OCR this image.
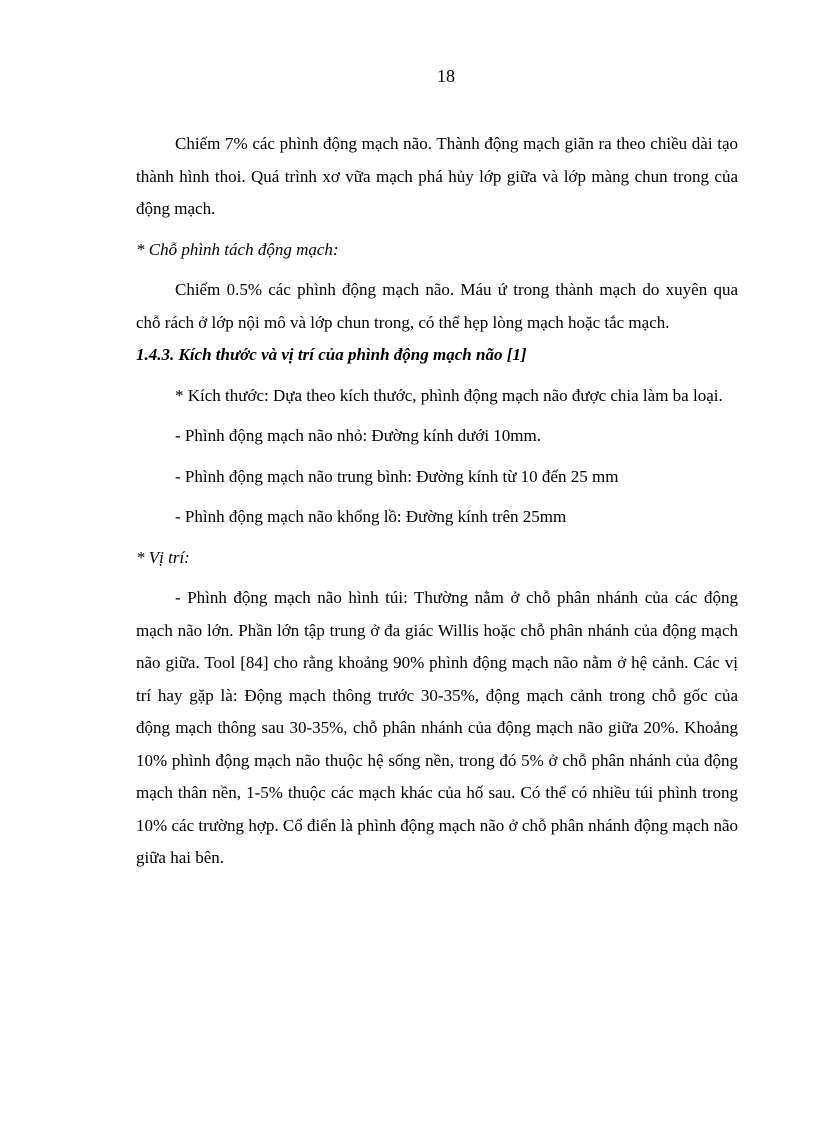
18

Chiếm 7% các phình động mạch não. Thành động mạch giãn ra theo chiều dài tạo thành hình thoi. Quá trình xơ vữa mạch phá hủy lớp giữa và lớp màng chun trong của động mạch.

* Chỗ phình tách động mạch:

Chiếm 0.5% các phình động mạch não. Máu ứ trong thành mạch do xuyên qua chỗ rách ở lớp nội mô và lớp chun trong, có thể hẹp lòng mạch hoặc tắc mạch.

1.4.3. Kích thước và vị trí của phình động mạch não [1]

* Kích thước: Dựa theo kích thước, phình động mạch não được chia làm ba loại.

- Phình động mạch não nhỏ: Đường kính dưới 10mm.

- Phình động mạch não trung bình: Đường kính từ 10 đến 25 mm

- Phình động mạch não khổng lồ: Đường kính trên 25mm

* Vị trí:

- Phình động mạch não hình túi: Thường nằm ở chỗ phân nhánh của các động mạch não lớn. Phần lớn tập trung ở đa giác Willis hoặc chỗ phân nhánh của động mạch não giữa. Tool [84] cho rằng khoảng 90% phình động mạch não nằm ở hệ cảnh. Các vị trí hay gặp là: Động mạch thông trước 30-35%, động mạch cảnh trong chỗ gốc của động mạch thông sau 30-35%, chỗ phân nhánh của động mạch não giữa 20%. Khoảng 10% phình động mạch não thuộc hệ sống nền, trong đó 5% ở chỗ phân nhánh của động mạch thân nền, 1-5% thuộc các mạch khác của hố sau. Có thể có nhiều túi phình trong 10% các trường hợp. Cổ điển là phình động mạch não ở chỗ phân nhánh động mạch não giữa hai bên.
